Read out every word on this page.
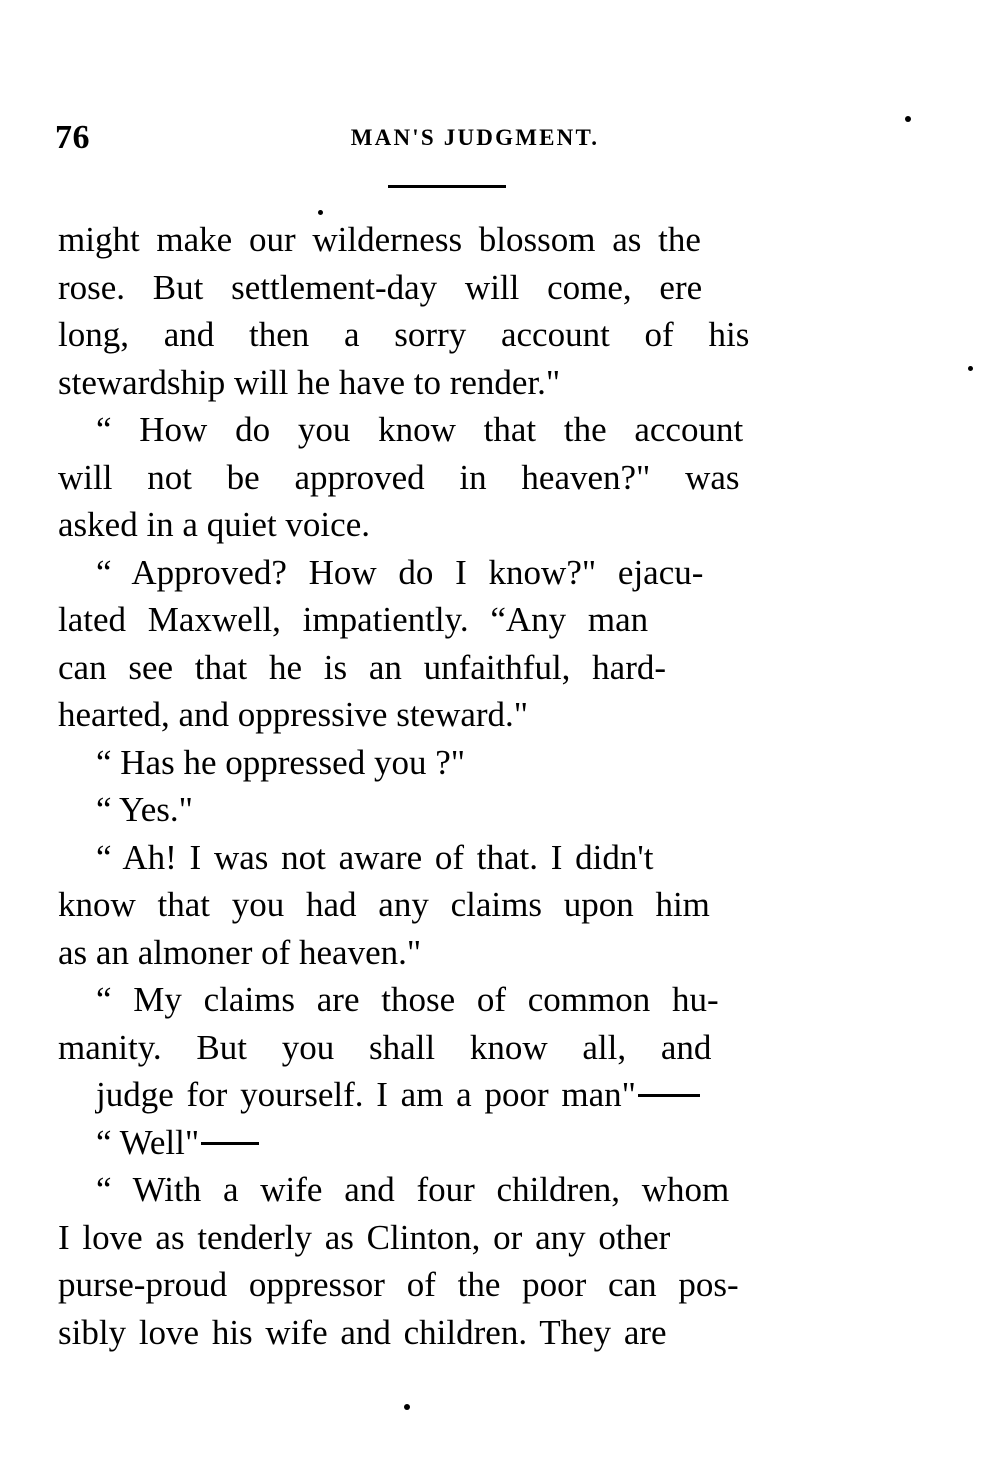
76	MAN'S JUDGMENT.
might make our wilderness blossom as the
rose. But settlement-day will come, ere
long, and then a sorry account of his
stewardship will he have to render."
“ How do you know that the account
will not be approved in heaven?" was
asked in a quiet voice.
“ Approved? How do I know?" ejacu-
lated Maxwell, impatiently. “Any man
can see that he is an unfaithful, hard-
hearted, and oppressive steward."
“ Has he oppressed you ?"
“ Yes."
“ Ah! I was not aware of that. I didn't
know that you had any claims upon him
as an almoner of heaven."
“ My claims are those of common hu-
manity. But you shall know all, and
judge for yourself. I am a poor man"
“ Well"
“ With a wife and four children, whom
I love as tenderly as Clinton, or any other
purse-proud oppressor of the poor can pos-
sibly love his wife and children. They are
